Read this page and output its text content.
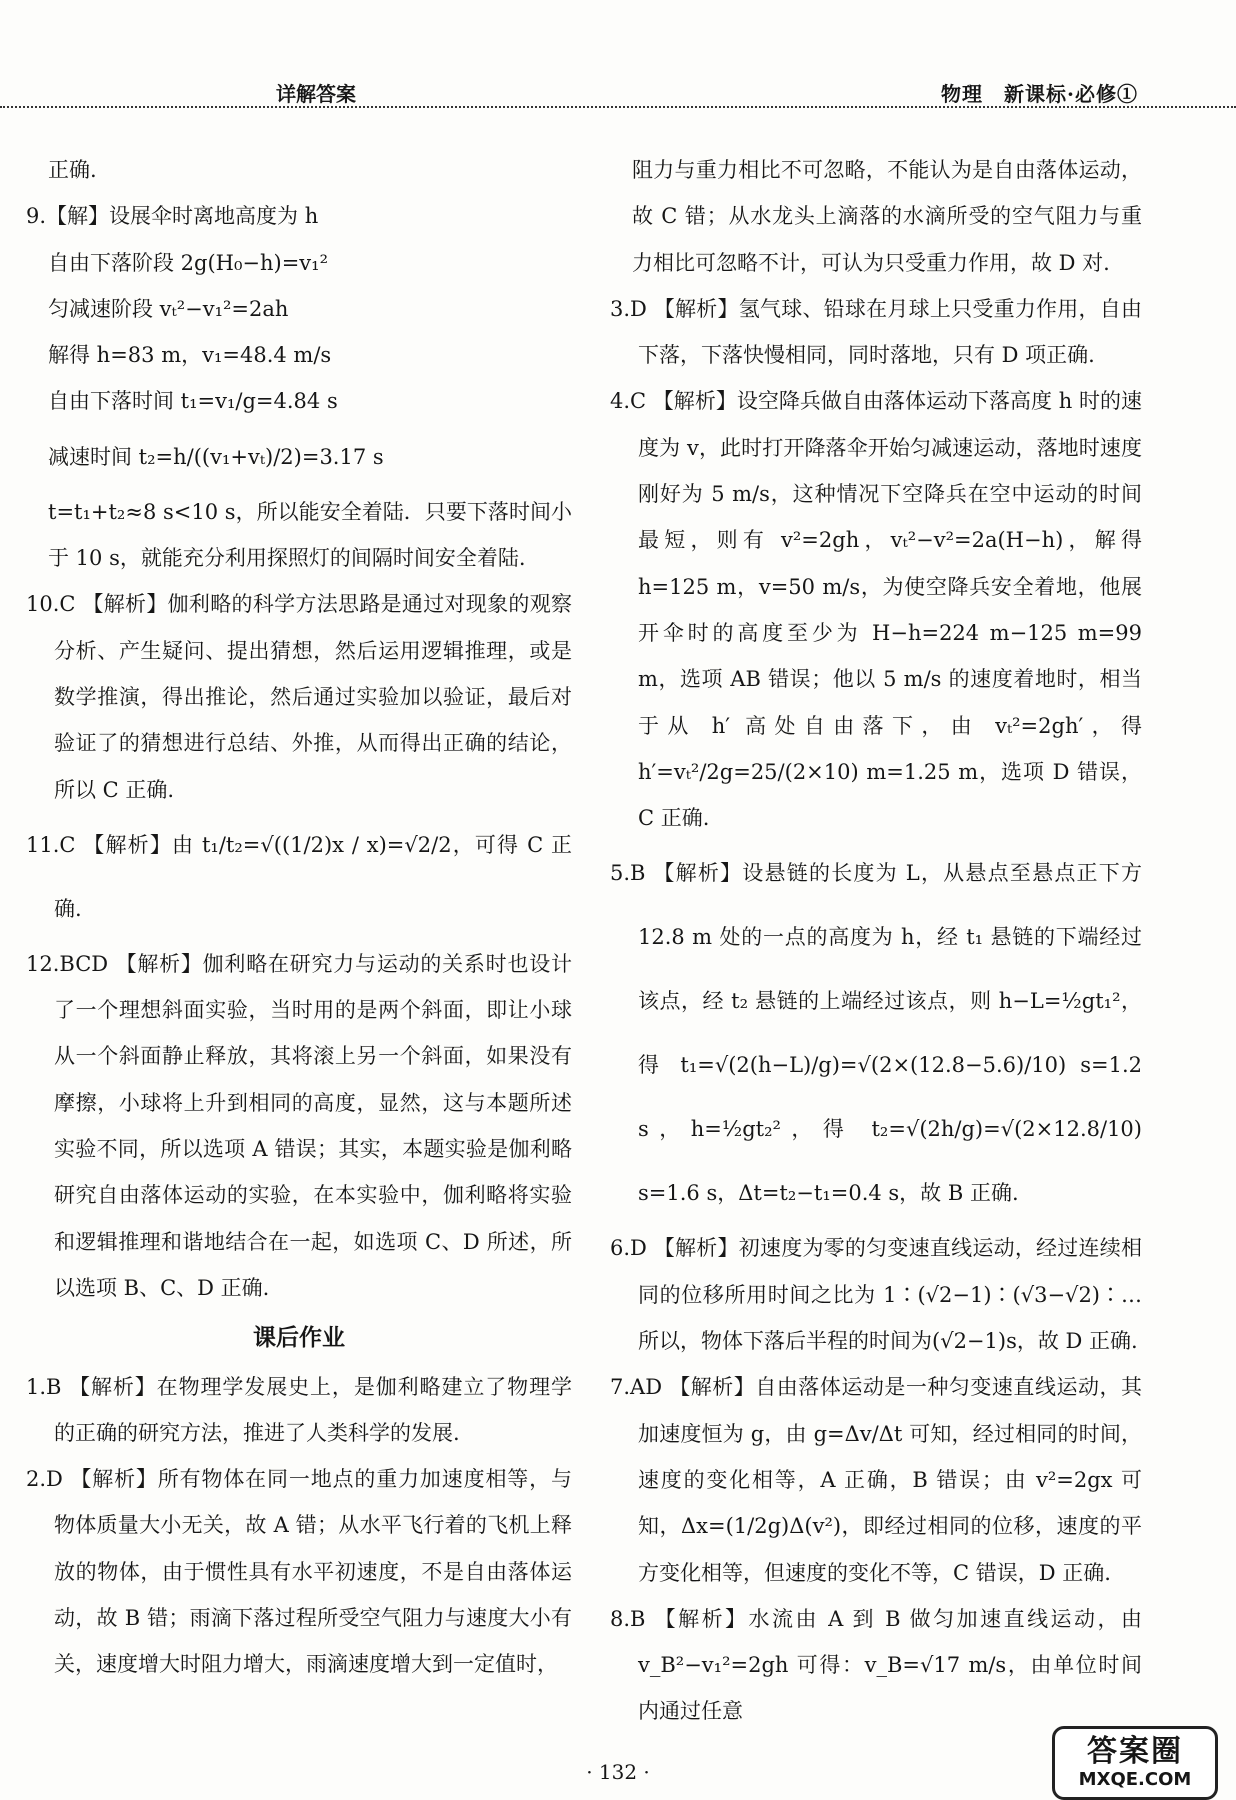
详解答案	物理　新课标·必修①

正确.

9.【解】设展伞时离地高度为 h

自由下落阶段 2g(H₀−h)=v₁²

匀减速阶段 vₜ²−v₁²=2ah

解得 h=83 m，v₁=48.4 m/s

自由下落时间 t₁=v₁/g=4.84 s

减速时间 t₂=h/((v₁+vₜ)/2)=3.17 s

t=t₁+t₂≈8 s<10 s，所以能安全着陆．只要下落时间小于 10 s，就能充分利用探照灯的间隔时间安全着陆.

10.C 【解析】伽利略的科学方法思路是通过对现象的观察分析、产生疑问、提出猜想，然后运用逻辑推理，或是数学推演，得出推论，然后通过实验加以验证，最后对验证了的猜想进行总结、外推，从而得出正确的结论，所以 C 正确.

11.C 【解析】由 t₁/t₂=√((1/2)x / x)=√2/2，可得 C 正确.

12.BCD 【解析】伽利略在研究力与运动的关系时也设计了一个理想斜面实验，当时用的是两个斜面，即让小球从一个斜面静止释放，其将滚上另一个斜面，如果没有摩擦，小球将上升到相同的高度，显然，这与本题所述实验不同，所以选项 A 错误；其实，本题实验是伽利略研究自由落体运动的实验，在本实验中，伽利略将实验和逻辑推理和谐地结合在一起，如选项 C、D 所述，所以选项 B、C、D 正确.

课后作业

1.B 【解析】在物理学发展史上，是伽利略建立了物理学的正确的研究方法，推进了人类科学的发展.

2.D 【解析】所有物体在同一地点的重力加速度相等，与物体质量大小无关，故 A 错；从水平飞行着的飞机上释放的物体，由于惯性具有水平初速度，不是自由落体运动，故 B 错；雨滴下落过程所受空气阻力与速度大小有关，速度增大时阻力增大，雨滴速度增大到一定值时，

阻力与重力相比不可忽略，不能认为是自由落体运动，故 C 错；从水龙头上滴落的水滴所受的空气阻力与重力相比可忽略不计，可认为只受重力作用，故 D 对.

3.D 【解析】氢气球、铅球在月球上只受重力作用，自由下落，下落快慢相同，同时落地，只有 D 项正确.

4.C 【解析】设空降兵做自由落体运动下落高度 h 时的速度为 v，此时打开降落伞开始匀减速运动，落地时速度刚好为 5 m/s，这种情况下空降兵在空中运动的时间最短，则有 v²=2gh，vₜ²−v²=2a(H−h)，解得 h=125 m，v=50 m/s，为使空降兵安全着地，他展开伞时的高度至少为 H−h=224 m−125 m=99 m，选项 AB 错误；他以 5 m/s 的速度着地时，相当于从 h′ 高处自由落下，由 vₜ²=2gh′，得 h′=vₜ²/2g=25/(2×10) m=1.25 m，选项 D 错误，C 正确.

5.B 【解析】设悬链的长度为 L，从悬点至悬点正下方 12.8 m 处的一点的高度为 h，经 t₁ 悬链的下端经过该点，经 t₂ 悬链的上端经过该点，则 h−L=½gt₁²，得 t₁=√(2(h−L)/g)=√(2×(12.8−5.6)/10) s=1.2 s，h=½gt₂²，得 t₂=√(2h/g)=√(2×12.8/10) s=1.6 s，Δt=t₂−t₁=0.4 s，故 B 正确.

6.D 【解析】初速度为零的匀变速直线运动，经过连续相同的位移所用时间之比为 1∶(√2−1)∶(√3−√2)∶…所以，物体下落后半程的时间为(√2−1)s，故 D 正确.

7.AD 【解析】自由落体运动是一种匀变速直线运动，其加速度恒为 g，由 g=Δv/Δt 可知，经过相同的时间，速度的变化相等，A 正确，B 错误；由 v²=2gx 可知，Δx=(1/2g)Δ(v²)，即经过相同的位移，速度的平方变化相等，但速度的变化不等，C 错误，D 正确.

8.B 【解析】水流由 A 到 B 做匀加速直线运动，由 v_B²−v₁²=2gh 可得：v_B=√17 m/s，由单位时间内通过任意

· 132 ·
答案圈
MXQE.COM
